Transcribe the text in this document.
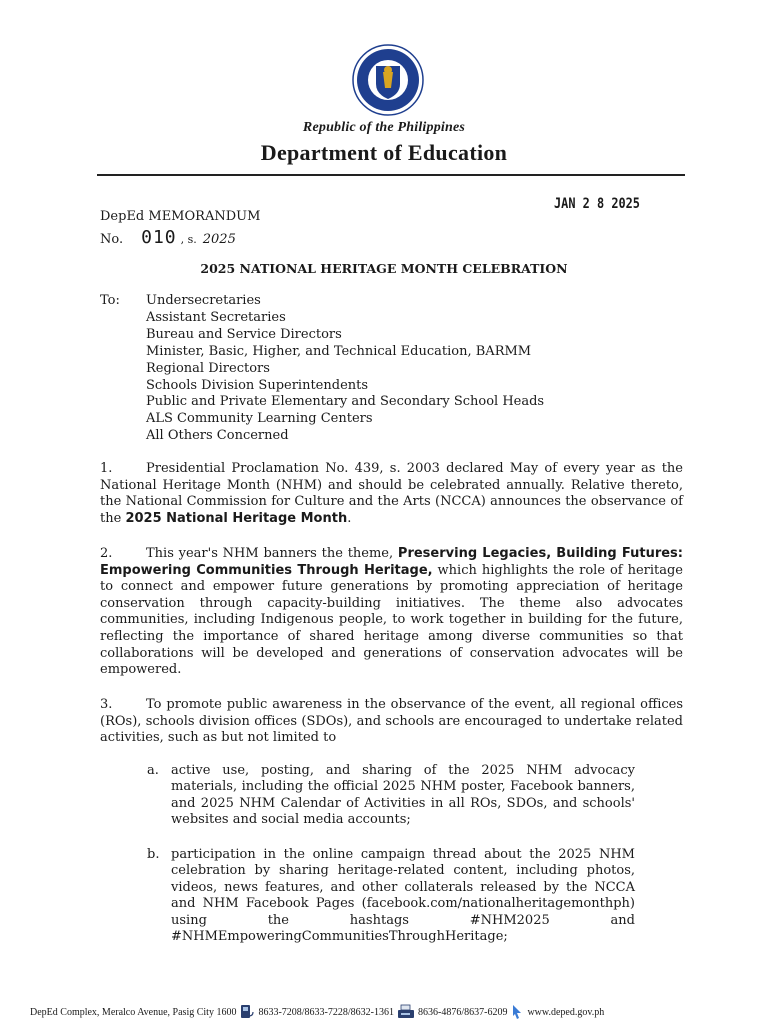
Republic of the Philippines
Department of Education
JAN 2 8 2025
DepEd MEMORANDUM
No. 010 , s. 2025
2025 NATIONAL HERITAGE MONTH CELEBRATION
To: Undersecretaries
Assistant Secretaries
Bureau and Service Directors
Minister, Basic, Higher, and Technical Education, BARMM
Regional Directors
Schools Division Superintendents
Public and Private Elementary and Secondary School Heads
ALS Community Learning Centers
All Others Concerned

1.	Presidential Proclamation No. 439, s. 2003 declared May of every year as the National Heritage Month (NHM) and should be celebrated annually. Relative thereto, the National Commission for Culture and the Arts (NCCA) announces the observance of the 2025 National Heritage Month.

2.	This year's NHM banners the theme, Preserving Legacies, Building Futures: Empowering Communities Through Heritage, which highlights the role of heritage to connect and empower future generations by promoting appreciation of heritage conservation through capacity-building initiatives. The theme also advocates communities, including Indigenous people, to work together in building for the future, reflecting the importance of shared heritage among diverse communities so that collaborations will be developed and generations of conservation advocates will be empowered.

3.	To promote public awareness in the observance of the event, all regional offices (ROs), schools division offices (SDOs), and schools are encouraged to undertake related activities, such as but not limited to

a. active use, posting, and sharing of the 2025 NHM advocacy materials, including the official 2025 NHM poster, Facebook banners, and 2025 NHM Calendar of Activities in all ROs, SDOs, and schools' websites and social media accounts;

b. participation in the online campaign thread about the 2025 NHM celebration by sharing heritage-related content, including photos, videos, news features, and other collaterals released by the NCCA and NHM Facebook Pages (facebook.com/nationalheritagemonthph) using the hashtags #NHM2025 and #NHMEmpoweringCommunitiesThroughHeritage;

DepEd Complex, Meralco Avenue, Pasig City 1600 8633-7208/8633-7228/8632-1361 8636-4876/8637-6209 www.deped.gov.ph
